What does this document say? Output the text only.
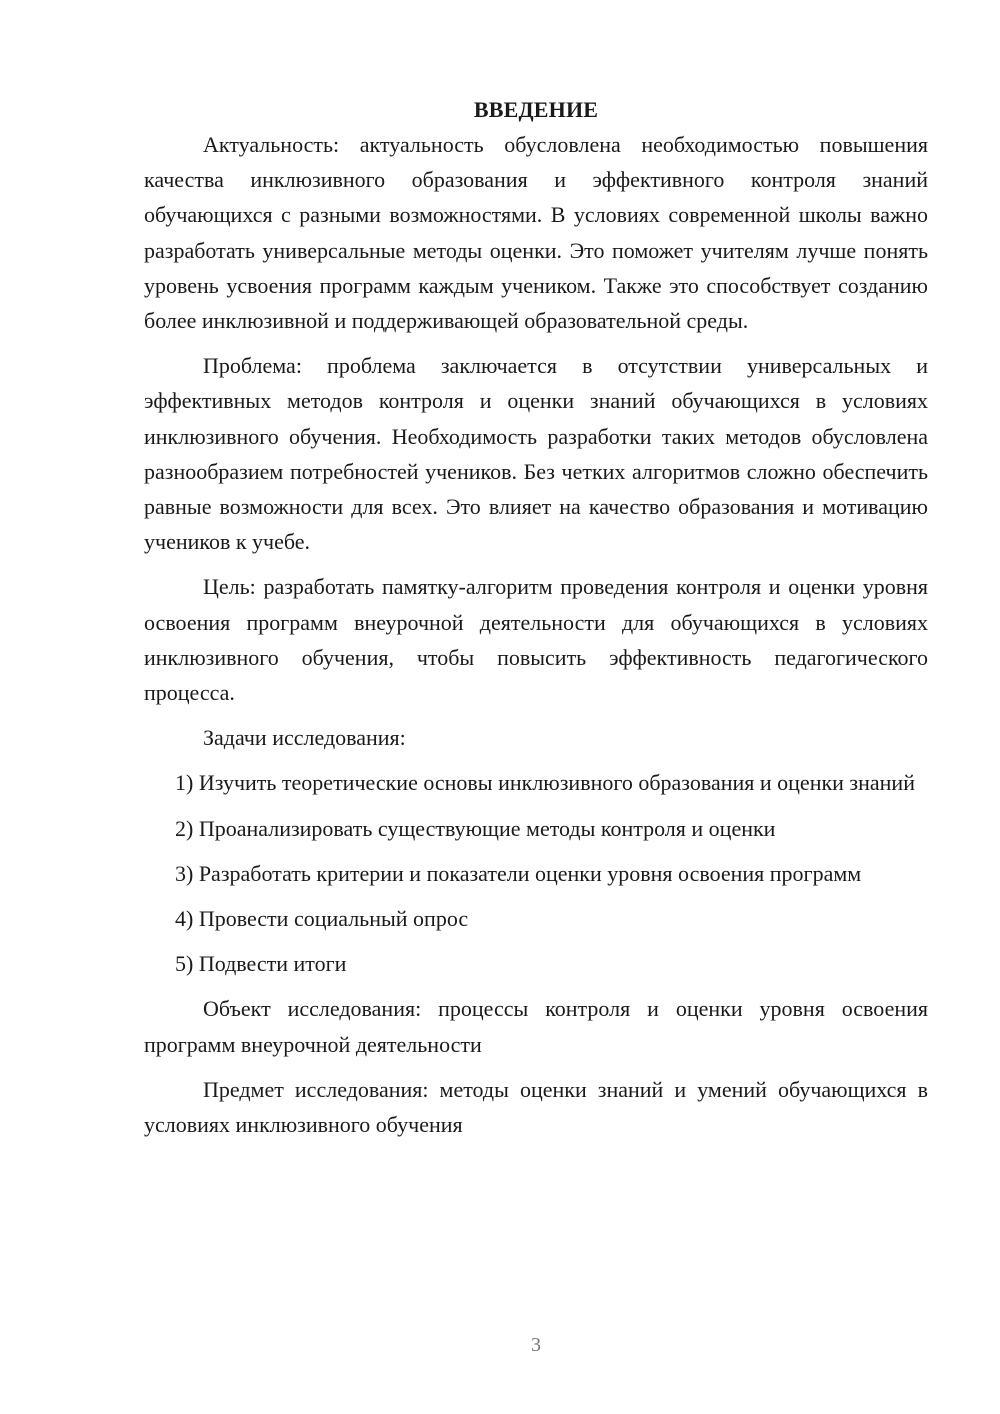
ВВЕДЕНИЕ

Актуальность: актуальность обусловлена необходимостью повышения качества инклюзивного образования и эффективного контроля знаний обучающихся с разными возможностями. В условиях современной школы важно разработать универсальные методы оценки. Это поможет учителям лучше понять уровень усвоения программ каждым учеником. Также это способствует созданию более инклюзивной и поддерживающей образовательной среды.

Проблема: проблема заключается в отсутствии универсальных и эффективных методов контроля и оценки знаний обучающихся в условиях инклюзивного обучения. Необходимость разработки таких методов обусловлена разнообразием потребностей учеников. Без четких алгоритмов сложно обеспечить равные возможности для всех. Это влияет на качество образования и мотивацию учеников к учебе.

Цель: разработать памятку-алгоритм проведения контроля и оценки уровня освоения программ внеурочной деятельности для обучающихся в условиях инклюзивного обучения, чтобы повысить эффективность педагогического процесса.

Задачи исследования:

1) Изучить теоретические основы инклюзивного образования и оценки знаний

2) Проанализировать существующие методы контроля и оценки

3) Разработать критерии и показатели оценки уровня освоения программ

4) Провести социальный опрос

5) Подвести итоги

Объект исследования: процессы контроля и оценки уровня освоения программ внеурочной деятельности

Предмет исследования: методы оценки знаний и умений обучающихся в условиях инклюзивного обучения

3
